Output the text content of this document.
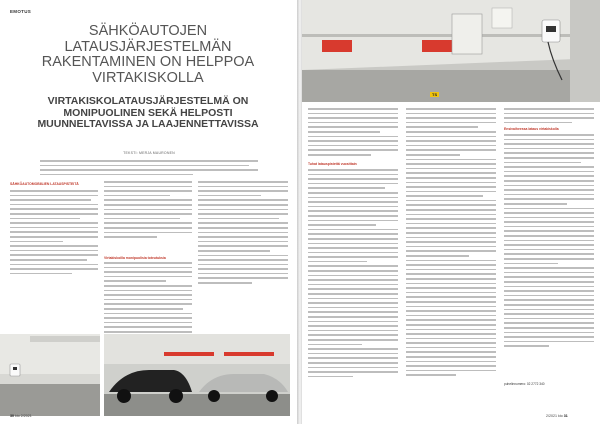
EMOTUS
SÄHKÖAUTOJEN LATAUSJÄRJESTELMÄN RAKENTAMINEN ON HELPPOA VIRTAKISKOLLA
VIRTAKISKOLATAUSJÄRJESTELMÄ ON MONIPUOLINEN SEKÄ HELPOSTI MUUNNELTAVISSA JA LAAJENNETTAVISSA
TEKSTI: MERJA MAURONEN
SÄHKÖAUTOMOBIILIEN LATAUSPISTEITÄ
Virtakiskoilla monipuolisia toteutuksia
30 kto 2/2021
TS
Tuhat latauspistettä vuosittain
Ensivaiheessa lataus virtakiskolla
puhelinnumero: 02 2772 340
2/2021 kto 31
